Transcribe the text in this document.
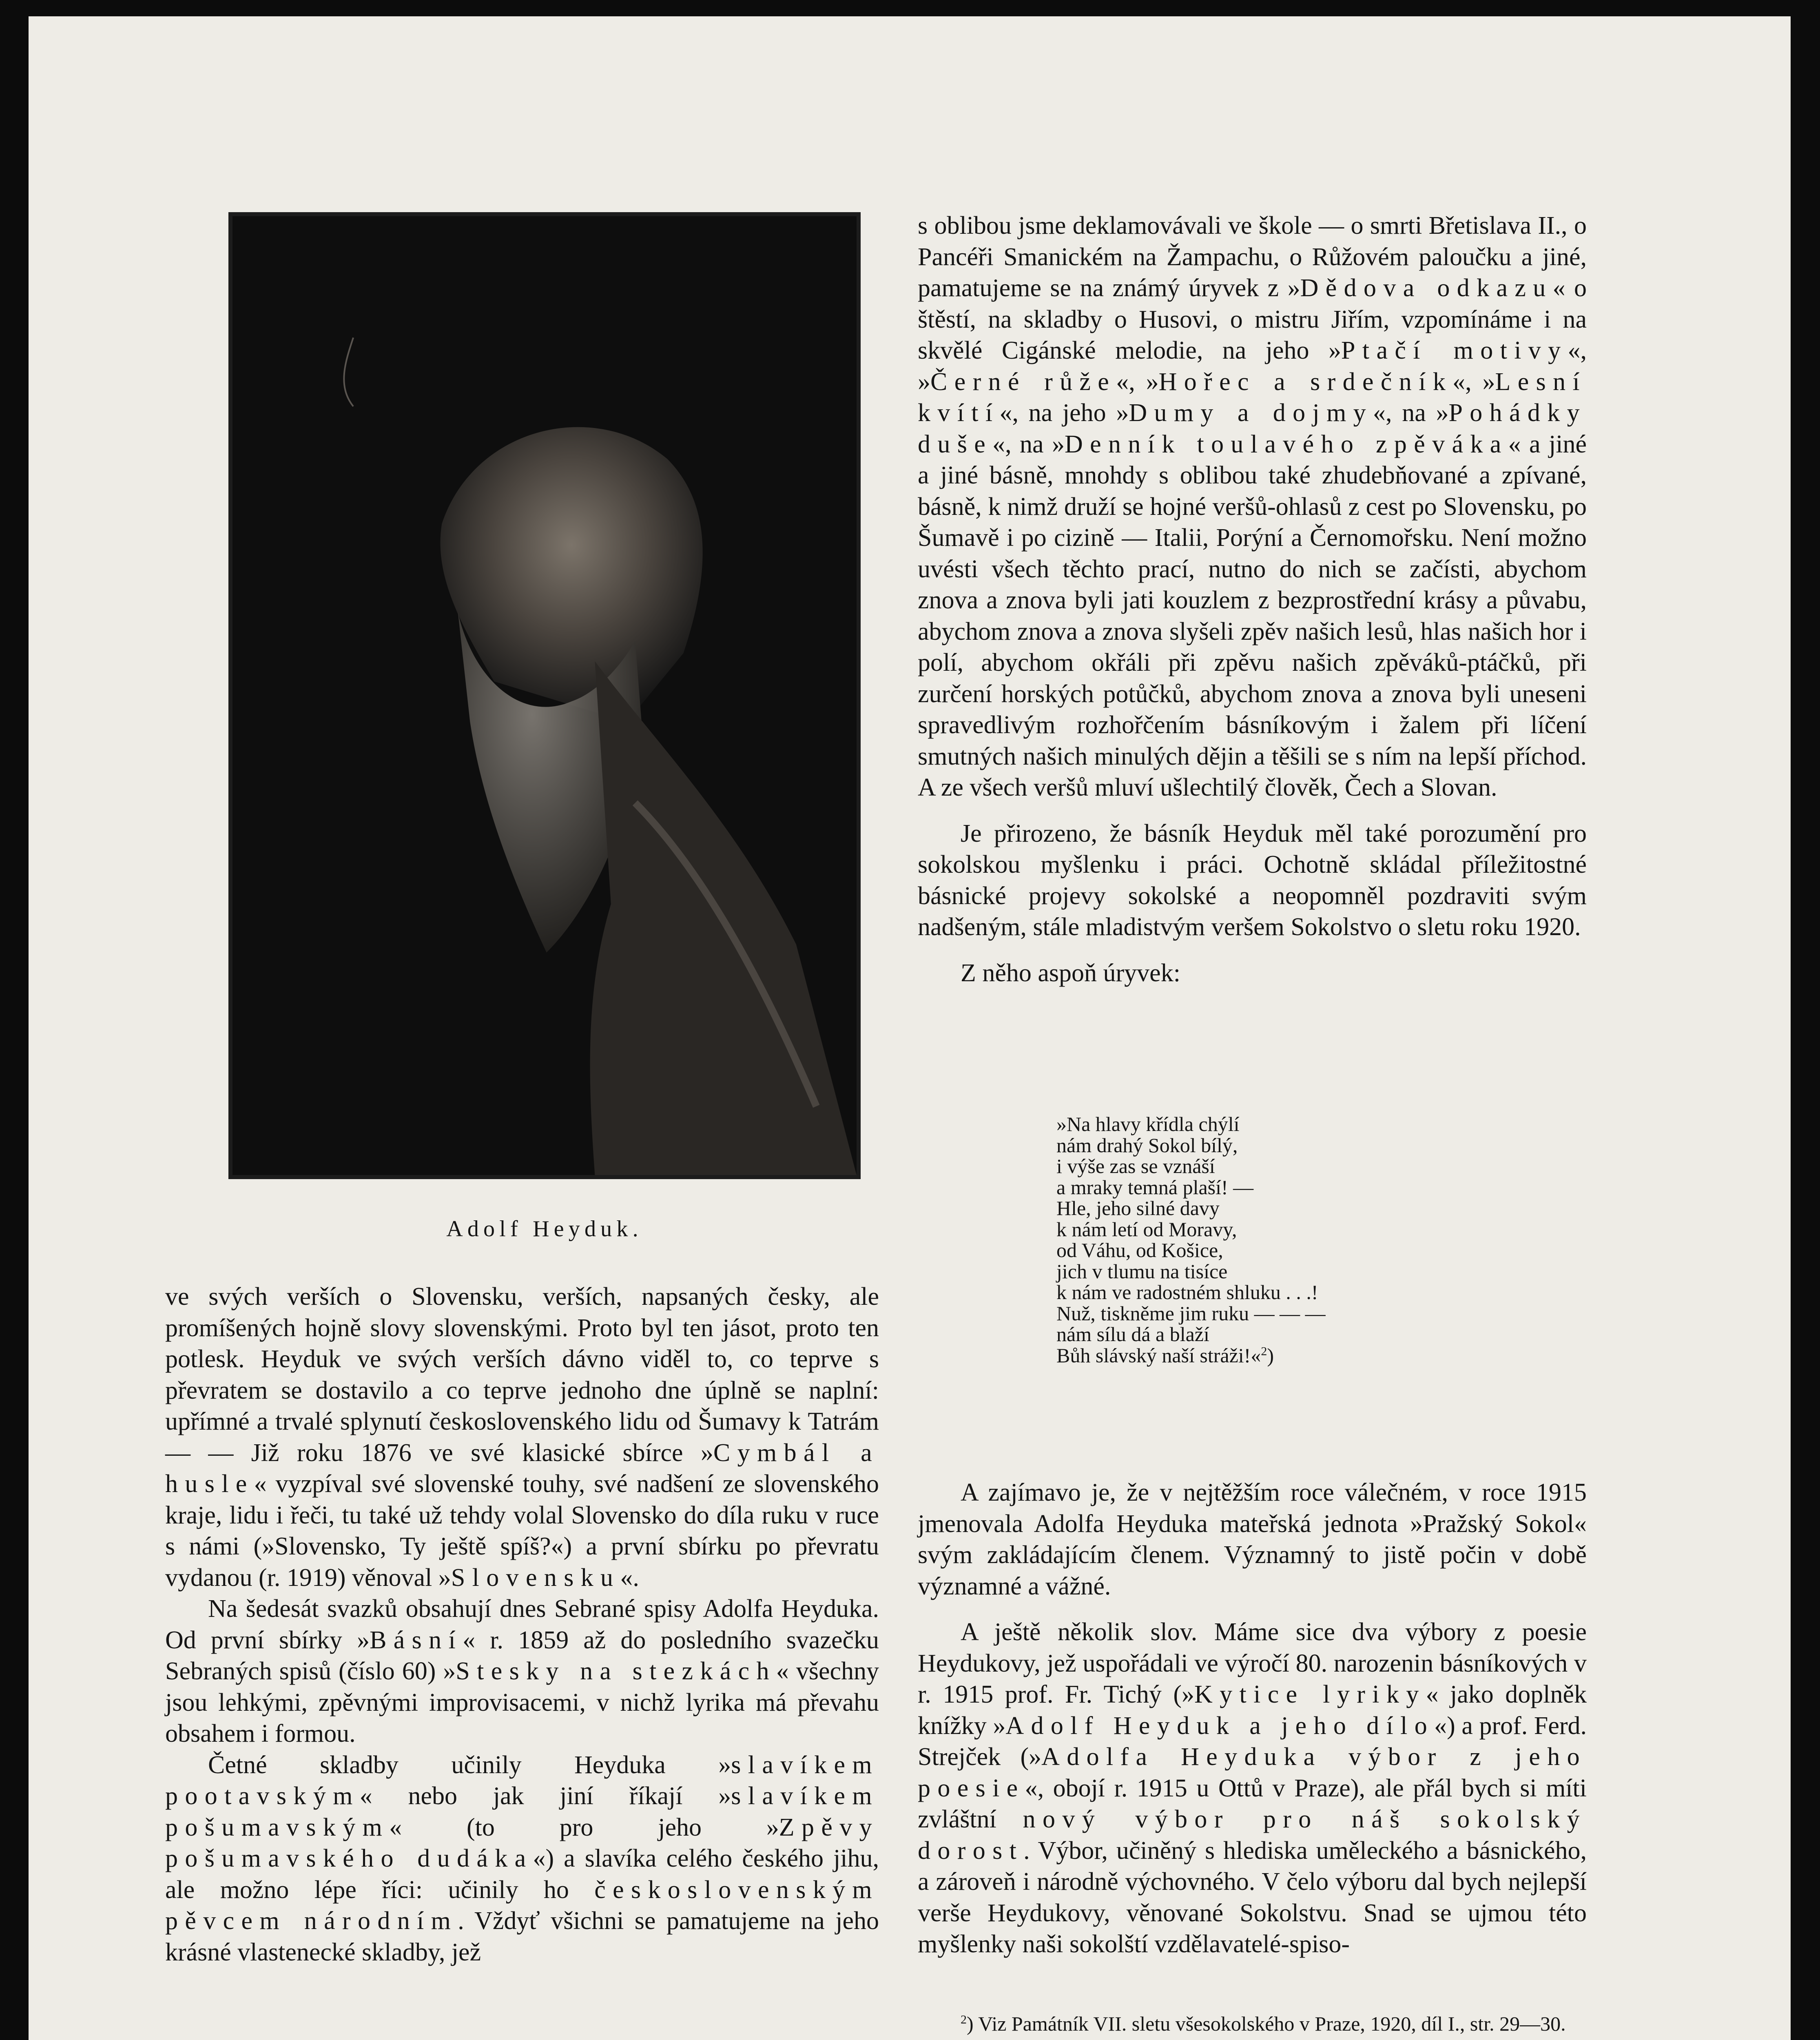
Adolf Heyduk.

ve svých verších o Slovensku, verších, napsaných česky, ale promíšených hojně slovy slovenskými. Proto byl ten jásot, proto ten potlesk. Heyduk ve svých verších dávno viděl to, co teprve s převratem se dostavilo a co teprve jednoho dne úplně se naplní: upřímné a trvalé splynutí československého lidu od Šumavy k Tatrám — — Již roku 1876 ve své klasické sbírce »Cymbál a husle« vyzpíval své slovenské touhy, své nadšení ze slovenského kraje, lidu i řeči, tu také už tehdy volal Slovensko do díla ruku v ruce s námi (»Slovensko, Ty ještě spíš?«) a první sbírku po převratu vydanou (r. 1919) věnoval »Slovensku«.

Na šedesát svazků obsahují dnes Sebrané spisy Adolfa Heyduka. Od první sbírky »Básní« r. 1859 až do posledního svazečku Sebraných spisů (číslo 60) »Stesky na stezkách« všechny jsou lehkými, zpěvnými improvisacemi, v nichž lyrika má převahu obsahem i formou.

Četné skladby učinily Heyduka »slavíkem pootavským« nebo jak jiní říkají »slavíkem pošumavským« (to pro jeho »Zpěvy pošumavského dudáka«) a slavíka celého českého jihu, ale možno lépe říci: učinily ho československým pěvcem národním. Vždyť všichni se pamatujeme na jeho krásné vlastenecké skladby, jež

s oblibou jsme deklamovávali ve škole — o smrti Břetislava II., o Pancéři Smanickém na Žampachu, o Růžovém paloučku a jiné, pamatujeme se na známý úryvek z »Dědova odkazu« o štěstí, na skladby o Husovi, o mistru Jiřím, vzpomínáme i na skvělé Cigánské melodie, na jeho »Ptačí motivy«, »Černé růže«, »Hořec a srdečník«, »Lesní kvítí«, na jeho »Dumy a dojmy«, na »Pohádky duše«, na »Denník toulavého zpěváka« a jiné a jiné básně, mnohdy s oblibou také zhudebňované a zpívané, básně, k nimž druží se hojné veršů-ohlasů z cest po Slovensku, po Šumavě i po cizině — Italii, Porýní a Černomořsku. Není možno uvésti všech těchto prací, nutno do nich se začísti, abychom znova a znova byli jati kouzlem z bezprostřední krásy a půvabu, abychom znova a znova slyšeli zpěv našich lesů, hlas našich hor i polí, abychom okřáli při zpěvu našich zpěváků-ptáčků, při zurčení horských potůčků, abychom znova a znova byli uneseni spravedlivým rozhořčením básníkovým i žalem při líčení smutných našich minulých dějin a těšili se s ním na lepší příchod. A ze všech veršů mluví ušlechtilý člověk, Čech a Slovan.

Je přirozeno, že básník Heyduk měl také porozumění pro sokolskou myšlenku i práci. Ochotně skládal příležitostné básnické projevy sokolské a neopomněl pozdraviti svým nadšeným, stále mladistvým veršem Sokolstvo o sletu roku 1920.

Z něho aspoň úryvek:

»Na hlavy křídla chýlí
nám drahý Sokol bílý,
i výše zas se vznáší
a mraky temná plaší! —
Hle, jeho silné davy
k nám letí od Moravy,
od Váhu, od Košice,
jich v tlumu na tisíce
k nám ve radostném shluku . . .!
Nuž, tiskněme jim ruku — — —
nám sílu dá a blaží
Bůh slávský naší stráži!«$^2$)

A zajímavo je, že v nejtěžším roce válečném, v roce 1915 jmenovala Adolfa Heyduka mateřská jednota »Pražský Sokol« svým zakládajícím členem. Významný to jistě počin v době významné a vážné.

A ještě několik slov. Máme sice dva výbory z poesie Heydukovy, jež uspořádali ve výročí 80. narozenin básníkových v r. 1915 prof. Fr. Tichý (»Kytice lyriky« jako doplněk knížky »Adolf Heyduk a jeho dílo«) a prof. Ferd. Strejček (»Adolfa Heyduka výbor z jeho poesie«, obojí r. 1915 u Ottů v Praze), ale přál bych si míti zvláštní nový výbor pro náš sokolský dorost. Výbor, učiněný s hlediska uměleckého a básnického, a zároveň i národně výchovného. V čelo výboru dal bych nejlepší verše Heydukovy, věnované Sokolstvu. Snad se ujmou této myšlenky naši sokolští vzdělavatelé-spiso-

$^2$) Viz Památník VII. sletu všesokolského v Praze, 1920, díl I., str. 29—30.
